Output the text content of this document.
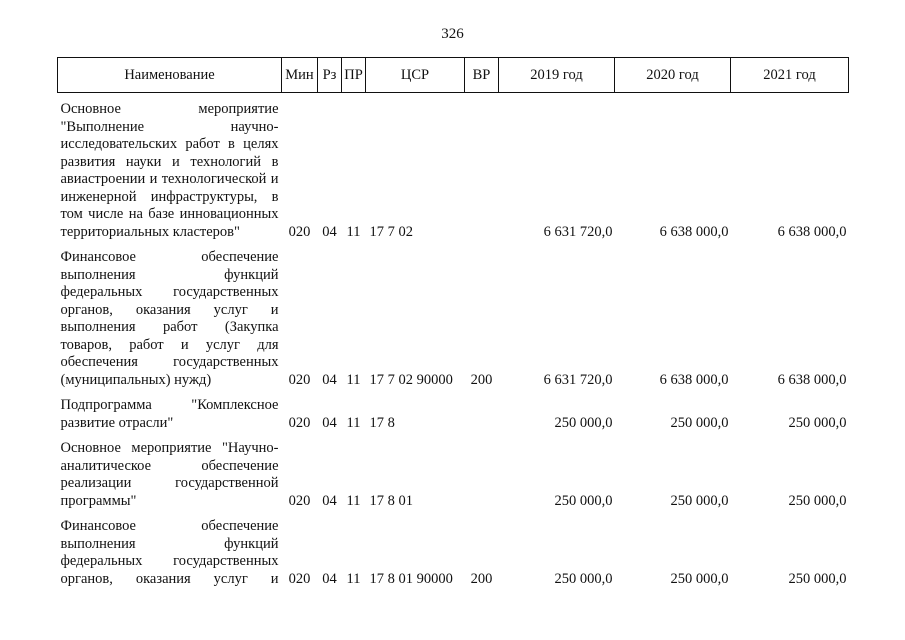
326
Наименование	Мин	Рз	ПР	ЦСР	ВР	2019 год	2020 год	2021 год
Основное мероприятие "Выполнение научно-исследовательских работ в целях развития науки и технологий в авиастроении и технологической и инженерной инфраструктуры, в том числе на базе инновационных территориальных кластеров"	020	04	11	17 7 02		6 631 720,0	6 638 000,0	6 638 000,0
Финансовое обеспечение выполнения функций федеральных государственных органов, оказания услуг и выполнения работ (Закупка товаров, работ и услуг для обеспечения государственных (муниципальных) нужд)	020	04	11	17 7 02 90000	200	6 631 720,0	6 638 000,0	6 638 000,0
Подпрограмма "Комплексное развитие отрасли"	020	04	11	17 8		250 000,0	250 000,0	250 000,0
Основное мероприятие "Научно-аналитическое обеспечение реализации государственной программы"	020	04	11	17 8 01		250 000,0	250 000,0	250 000,0
Финансовое обеспечение выполнения функций федеральных государственных органов, оказания услуг и	020	04	11	17 8 01 90000	200	250 000,0	250 000,0	250 000,0
